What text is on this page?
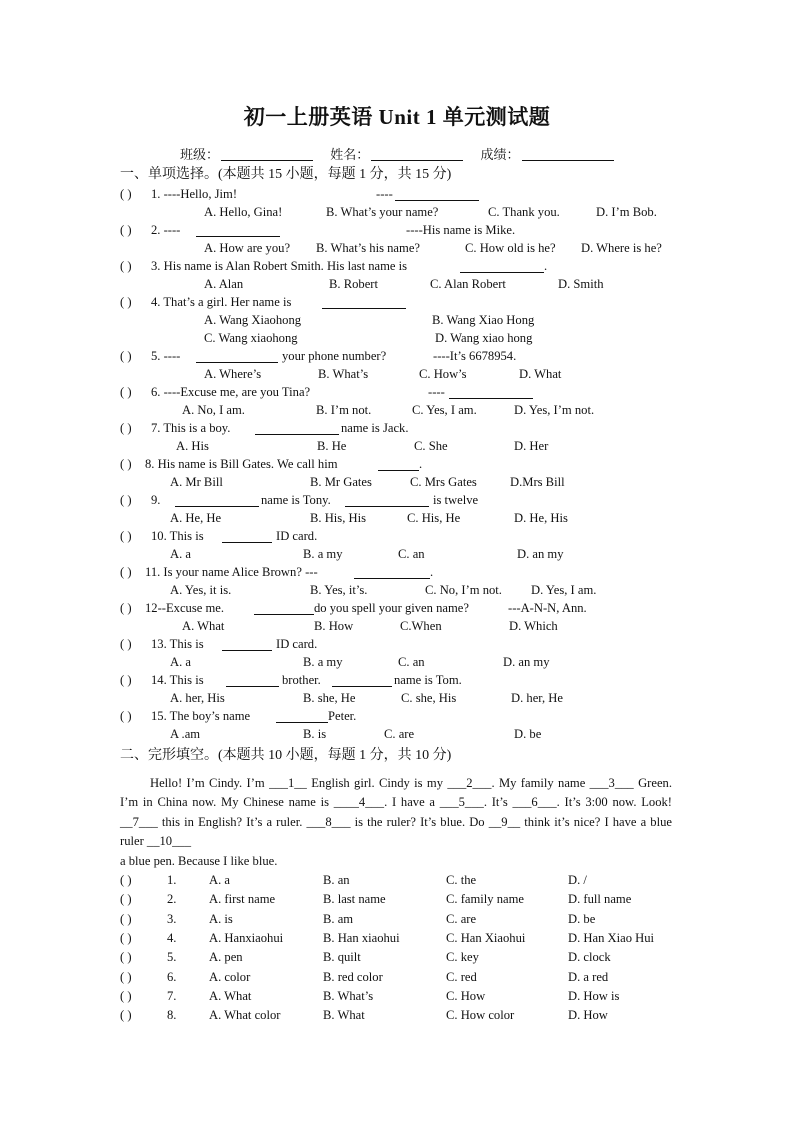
初一上册英语 Unit 1 单元测试题
班级：	姓名：	成绩：
一、单项选择。(本题共 15 小题，每题 1 分，共 15 分)
( ) 1. ----Hello, Jim!	----
A. Hello, Gina!	B. What’s your name?	C. Thank you.	D. I’m Bob.
( ) 2. ----	----His name is Mike.
A. How are you? B. What’s his name?	C. How old is he? D. Where is he?
( ) 3. His name is Alan Robert Smith. His last name is	.
A. Alan	B. Robert	C. Alan Robert	D. Smith
( ) 4. That’s a girl. Her name is
A. Wang Xiaohong	B. Wang Xiao Hong
C. Wang xiaohong	D. Wang xiao hong
( ) 5. ----	your phone number?	----It’s 6678954.
A. Where’s	B. What’s	C. How’s	D. What
( ) 6. ----Excuse me, are you Tina?	----
A. No, I am.	B. I’m not.	C. Yes, I am.	D. Yes, I’m not.
( ) 7. This is a boy.	name is Jack.
A. His	B. He	C. She	D. Her
( ) 8. His name is Bill Gates. We call him	.
A. Mr Bill	B. Mr Gates	C. Mrs Gates	D.Mrs Bill
( ) 9.	name is Tony.	is twelve
A. He, He	B. His, His	C. His, He	D. He, His
( ) 10. This is	ID card.
A. a	B. a my	C. an	D. an my
( ) 11. Is your name Alice Brown? ---	.
A. Yes, it is.	B. Yes, it’s.	C. No, I’m not. D. Yes, I am.
( ) 12--Excuse me.	do you spell your given name?	---A-N-N, Ann.
A. What	B. How	C.When	D. Which
( ) 13. This is	ID card.
A. a	B. a my	C. an	D. an my
( ) 14. This is	brother.	name is Tom.
A. her, His	B. she, He	C. she, His	D. her, He
( ) 15. The boy’s name	Peter.
A .am	B. is	C. are	D. be
二、完形填空。(本题共 10 小题，每题 1 分，共 10 分)
Hello! I’m Cindy. I’m ___1__ English girl. Cindy is my ___2___. My family name ___3___ Green. I’m in China now. My Chinese name is ____4___. I have a ___5___. It’s ___6___. It’s 3:00 now. Look! __7___ this in English? It’s a ruler. ___8___ is the ruler? It’s blue. Do __9__ think it’s nice? I have a blue ruler __10___
a blue pen. Because I like blue.
( )	1.	A. a	B. an	C. the	D. /
( )	2.	A. first name	B. last name	C. family name	D. full name
( )	3.	A. is	B. am	C. are	D. be
( )	4.	A. Hanxiaohui	B. Han xiaohui	C. Han Xiaohui	D. Han Xiao Hui
( )	5.	A. pen	B. quilt	C. key	D. clock
( )	6.	A. color	B. red color	C. red	D. a red
( )	7.	A. What	B. What’s	C. How	D. How is
( )	8.	A. What color	B. What	C. How color	D. How
